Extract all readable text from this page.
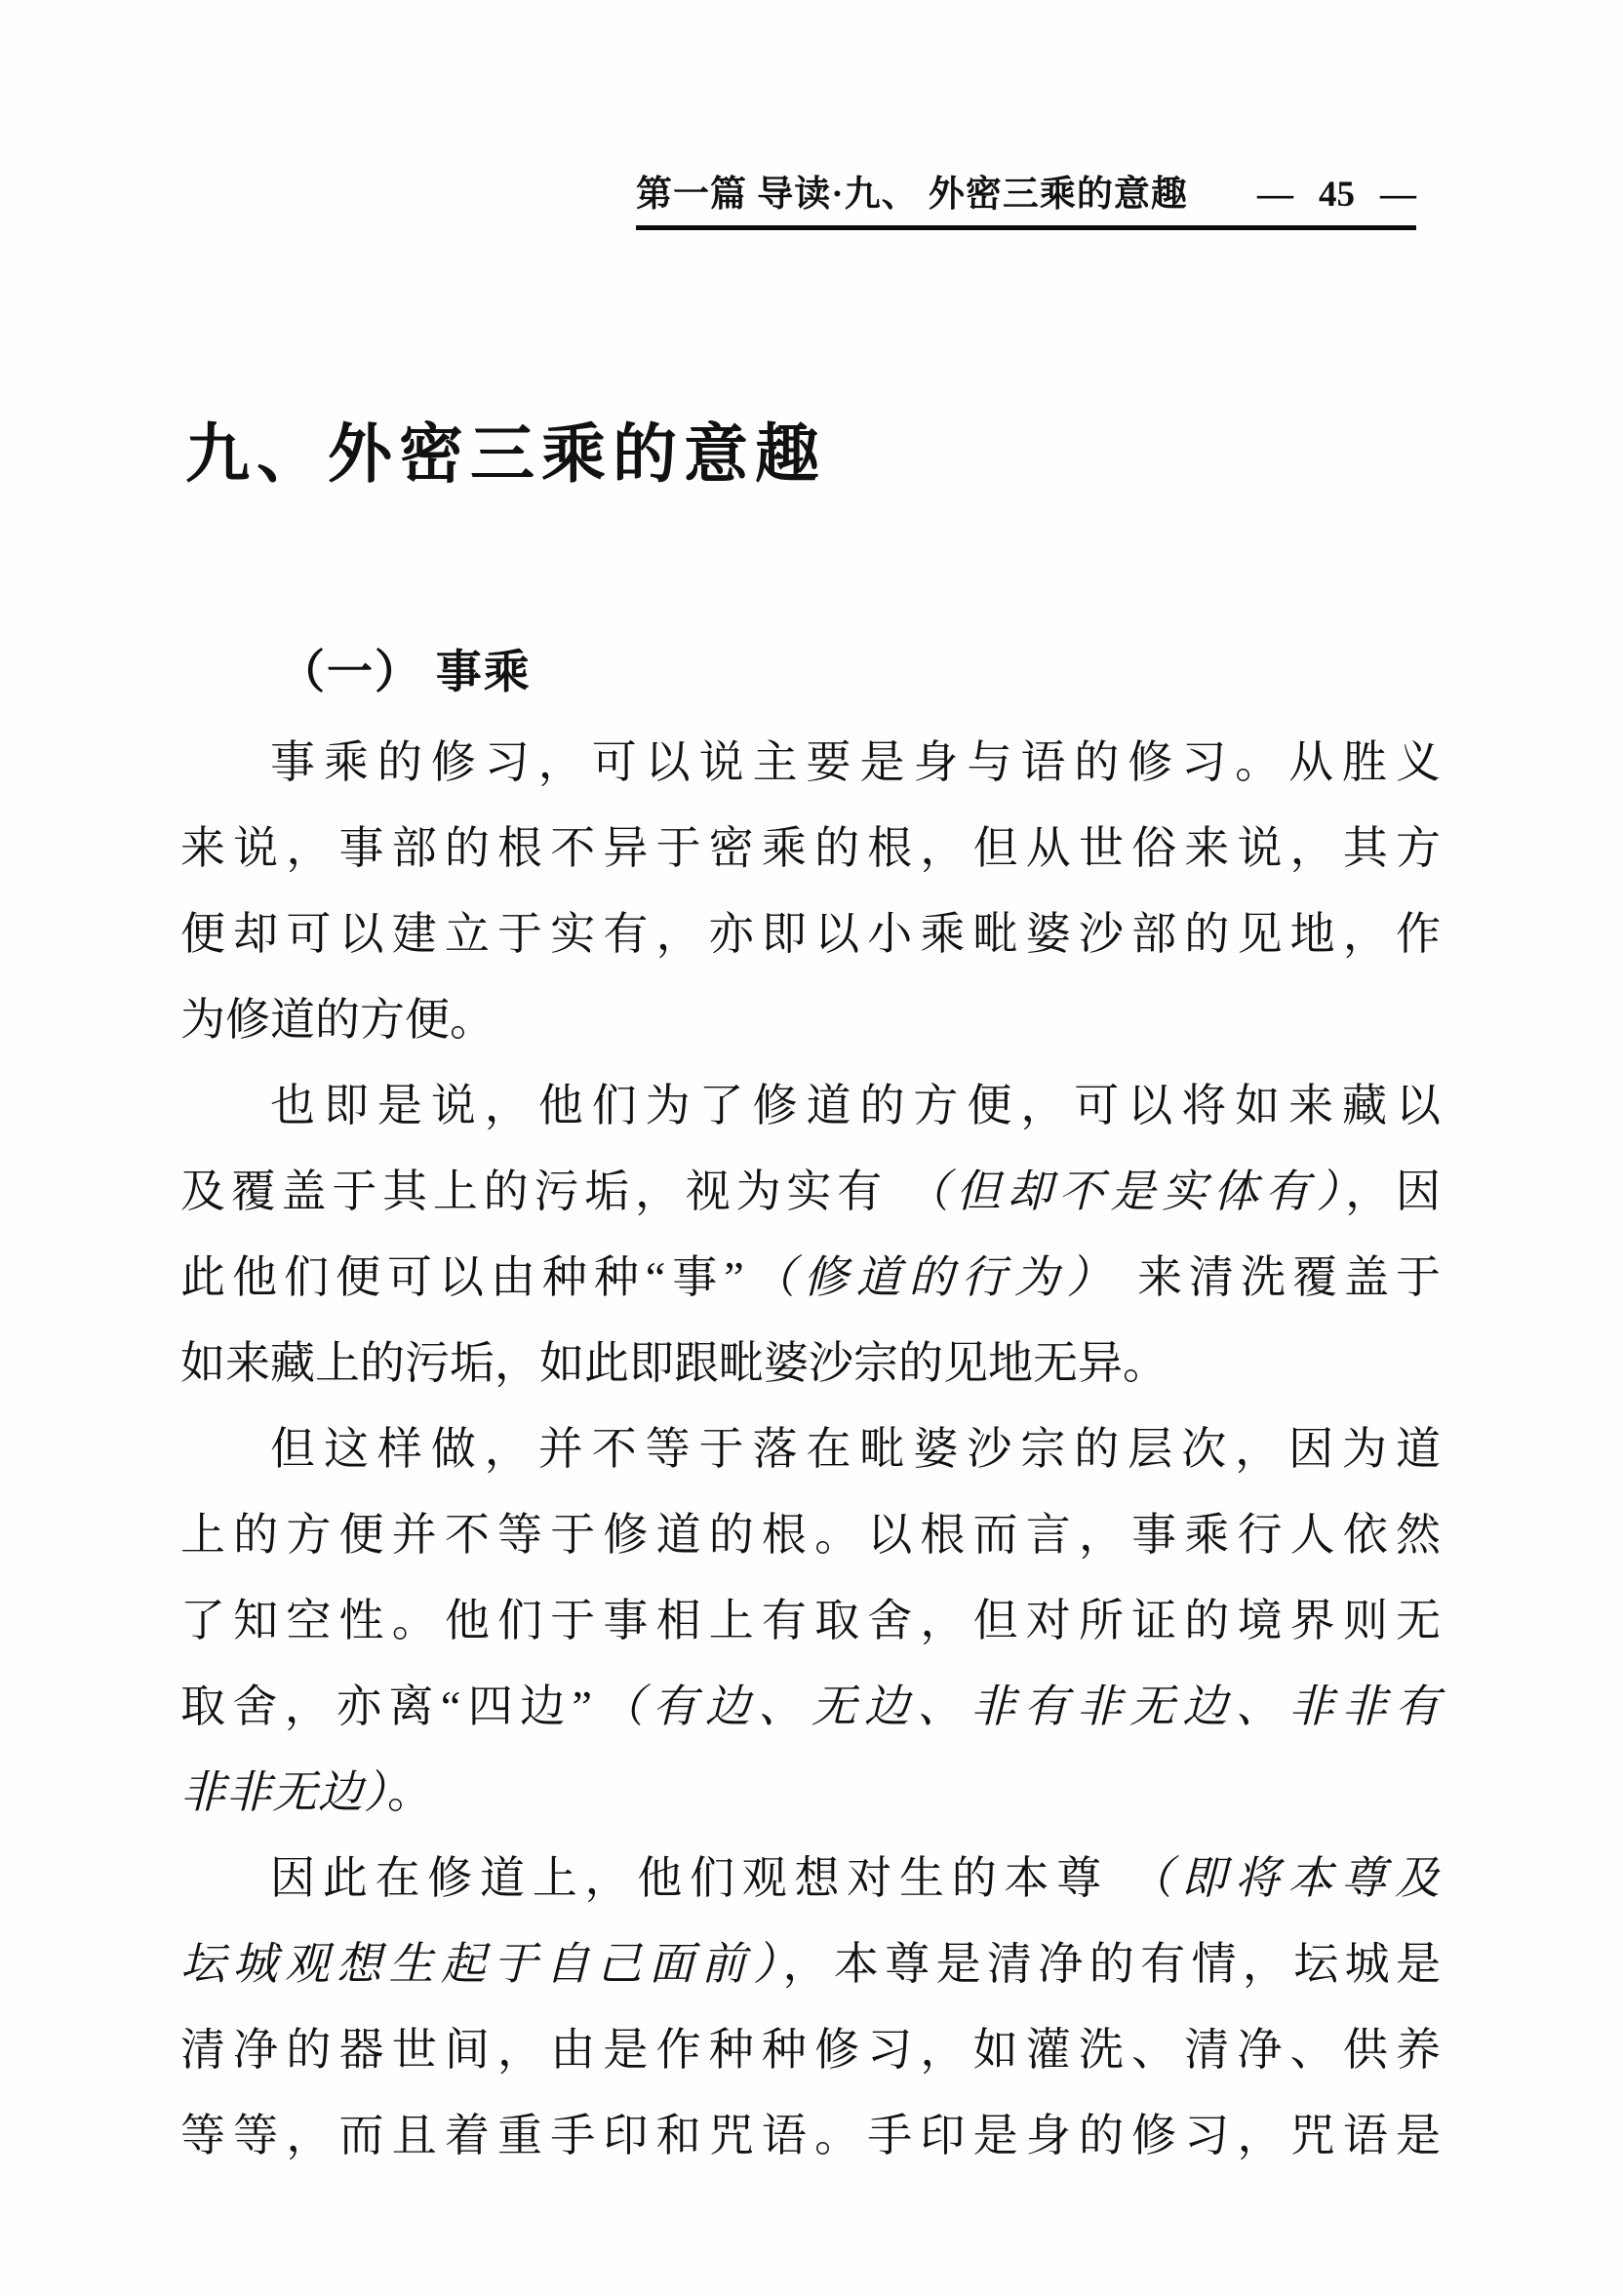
第一篇 导读·九、 外密三乘的意趣 — 45 —
九、外密三乘的意趣
（一） 事乘
事乘的修习，可以说主要是身与语的修习。从胜义
来说，事部的根不异于密乘的根，但从世俗来说，其方
便却可以建立于实有，亦即以小乘毗婆沙部的见地，作
为修道的方便。
也即是说，他们为了修道的方便，可以将如来藏以
及覆盖于其上的污垢，视为实有 （但却不是实体有），因
此他们便可以由种种“事”（修道的行为） 来清洗覆盖于
如来藏上的污垢，如此即跟毗婆沙宗的见地无异。
但这样做，并不等于落在毗婆沙宗的层次，因为道
上的方便并不等于修道的根。以根而言，事乘行人依然
了知空性。他们于事相上有取舍，但对所证的境界则无
取舍，亦离“四边”（有边、无边、非有非无边、非非有
非非无边）。
因此在修道上，他们观想对生的本尊 （即将本尊及
坛城观想生起于自己面前），本尊是清净的有情，坛城是
清净的器世间，由是作种种修习，如灌洗、清净、供养
等等，而且着重手印和咒语。手印是身的修习，咒语是
